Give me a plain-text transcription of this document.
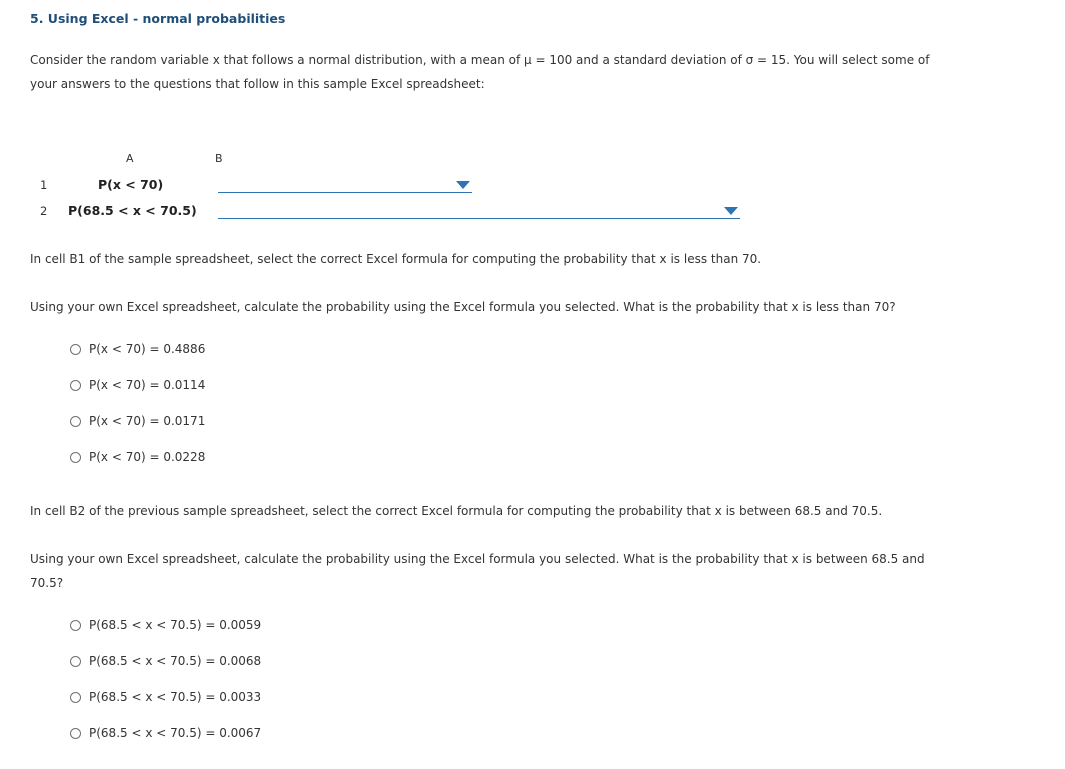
5. Using Excel - normal probabilities
Consider the random variable x that follows a normal distribution, with a mean of μ = 100 and a standard deviation of σ = 15. You will select some of your answers to the questions that follow in this sample Excel spreadsheet:
A	B
1	P(x < 70)
2 P(68.5 < x < 70.5)
In cell B1 of the sample spreadsheet, select the correct Excel formula for computing the probability that x is less than 70.
Using your own Excel spreadsheet, calculate the probability using the Excel formula you selected. What is the probability that x is less than 70?
P(x < 70) = 0.4886
P(x < 70) = 0.0114
P(x < 70) = 0.0171
P(x < 70) = 0.0228
In cell B2 of the previous sample spreadsheet, select the correct Excel formula for computing the probability that x is between 68.5 and 70.5.
Using your own Excel spreadsheet, calculate the probability using the Excel formula you selected. What is the probability that x is between 68.5 and 70.5?
P(68.5 < x < 70.5) = 0.0059
P(68.5 < x < 70.5) = 0.0068
P(68.5 < x < 70.5) = 0.0033
P(68.5 < x < 70.5) = 0.0067
